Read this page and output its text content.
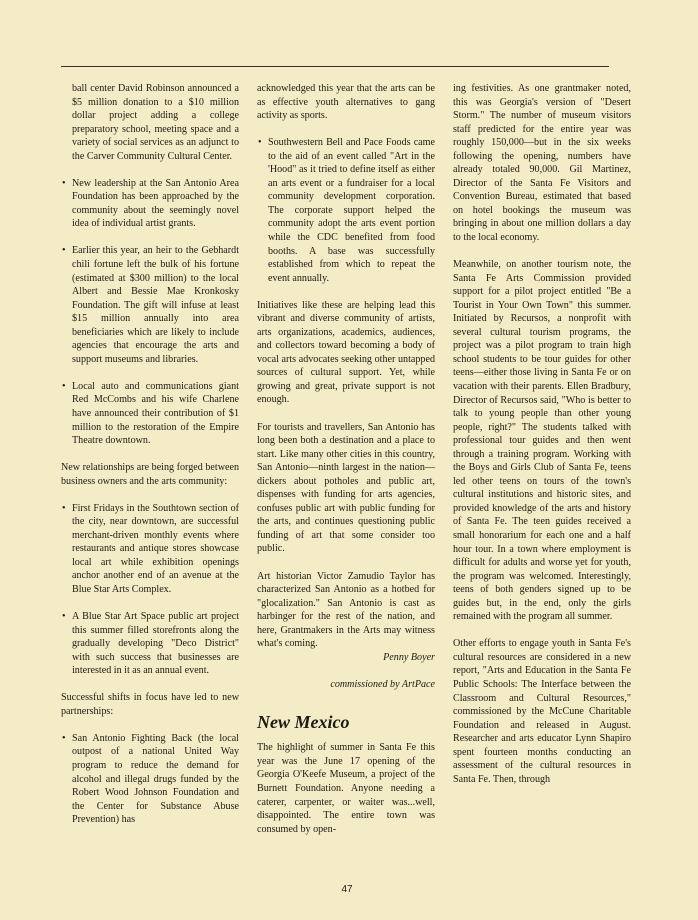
ball center David Robinson announced a $5 million donation to a $10 million dollar project adding a college preparatory school, meeting space and a variety of social services as an adjunct to the Carver Community Cultural Center.

• New leadership at the San Antonio Area Foundation has been approached by the community about the seemingly novel idea of individual artist grants.
• Earlier this year, an heir to the Gebhardt chili fortune left the bulk of his fortune (estimated at $300 million) to the local Albert and Bessie Mae Kronkosky Foundation. The gift will infuse at least $15 million annually into area beneficiaries which are likely to include agencies that encourage the arts and support museums and libraries.
• Local auto and communications giant Red McCombs and his wife Charlene have announced their contribution of $1 million to the restoration of the Empire Theatre downtown.

New relationships are being forged between business owners and the arts community:

• First Fridays in the Southtown section of the city, near downtown, are successful merchant-driven monthly events where restaurants and antique stores showcase local art while exhibition openings anchor another end of an avenue at the Blue Star Arts Complex.
• A Blue Star Art Space public art project this summer filled storefronts along the gradually developing "Deco District" with such success that businesses are interested in it as an annual event.

Successful shifts in focus have led to new partnerships:

• San Antonio Fighting Back (the local outpost of a national United Way program to reduce the demand for alcohol and illegal drugs funded by the Robert Wood Johnson Foundation and the Center for Substance Abuse Prevention) has

acknowledged this year that the arts can be as effective youth alternatives to gang activity as sports.

• Southwestern Bell and Pace Foods came to the aid of an event called "Art in the 'Hood" as it tried to define itself as either an arts event or a fundraiser for a local community development corporation. The corporate support helped the community adopt the arts event portion while the CDC benefited from food booths. A base was successfully established from which to repeat the event annually.

Initiatives like these are helping lead this vibrant and diverse community of artists, arts organizations, academics, audiences, and collectors toward becoming a body of vocal arts advocates seeking other untapped sources of cultural support. Yet, while growing and great, private support is not enough.

For tourists and travellers, San Antonio has long been both a destination and a place to start. Like many other cities in this country, San Antonio—ninth largest in the nation—dickers about potholes and public art, dispenses with funding for arts agencies, confuses public art with public funding for the arts, and continues questioning public funding of art that some consider too public.

Art historian Victor Zamudio Taylor has characterized San Antonio as a hotbed for "glocalization." San Antonio is cast as harbinger for the rest of the nation, and here, Grantmakers in the Arts may witness what's coming.

Penny Boyer

commissioned by ArtPace

New Mexico

The highlight of summer in Santa Fe this year was the June 17 opening of the Georgia O'Keefe Museum, a project of the Burnett Foundation. Anyone needing a caterer, carpenter, or waiter was...well, disappointed. The entire town was consumed by open-

ing festivities. As one grantmaker noted, this was Georgia's version of "Desert Storm." The number of museum visitors staff predicted for the entire year was roughly 150,000—but in the six weeks following the opening, numbers have already totaled 90,000. Gil Martinez, Director of the Santa Fe Visitors and Convention Bureau, estimated that based on hotel bookings the museum was bringing in about one million dollars a day to the local economy.

Meanwhile, on another tourism note, the Santa Fe Arts Commission provided support for a pilot project entitled "Be a Tourist in Your Own Town" this summer. Initiated by Recursos, a nonprofit with several cultural tourism programs, the project was a pilot program to train high school students to be tour guides for other teens—either those living in Santa Fe or on vacation with their parents. Ellen Bradbury, Director of Recursos said, "Who is better to talk to young people than other young people, right?" The students talked with professional tour guides and then went through a training program. Working with the Boys and Girls Club of Santa Fe, teens led other teens on tours of the town's cultural institutions and historic sites, and provided knowledge of the arts and history of Santa Fe. The teen guides received a small honorarium for each one and a half hour tour. In a town where employment is difficult for adults and worse yet for youth, the program was welcomed. Interestingly, teens of both genders signed up to be guides but, in the end, only the girls remained with the program all summer.

Other efforts to engage youth in Santa Fe's cultural resources are considered in a new report, "Arts and Education in the Santa Fe Public Schools: The Interface between the Classroom and Cultural Resources," commissioned by the McCune Charitable Foundation and released in August. Researcher and arts educator Lynn Shapiro spent fourteen months conducting an assessment of the cultural resources in Santa Fe. Then, through

47
